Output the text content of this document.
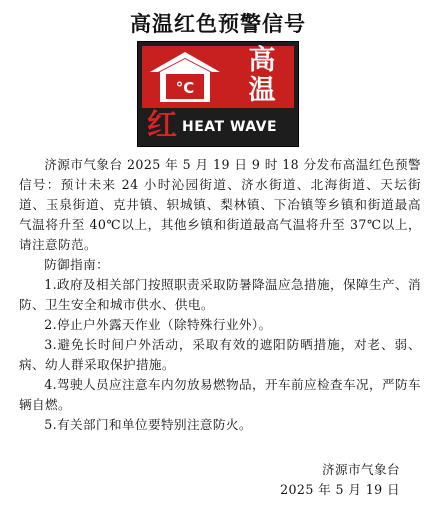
高温红色预警信号
°C
高
温
红 HEAT WAVE

济源市气象台 2025 年 5 月 19 日 9 时 18 分发布高温红色预警信号：预计未来 24 小时沁园街道、济水街道、北海街道、天坛街道、玉泉街道、克井镇、轵城镇、梨林镇、下冶镇等乡镇和街道最高气温将升至 40℃以上，其他乡镇和街道最高气温将升至 37℃以上，请注意防范。

防御指南：

1.政府及相关部门按照职责采取防暑降温应急措施，保障生产、消防、卫生安全和城市供水、供电。

2.停止户外露天作业（除特殊行业外）。

3.避免长时间户外活动，采取有效的遮阳防晒措施，对老、弱、病、幼人群采取保护措施。

4.驾驶人员应注意车内勿放易燃物品，开车前应检查车况，严防车辆自燃。

5.有关部门和单位要特别注意防火。

济源市气象台
2025 年 5 月 19 日
